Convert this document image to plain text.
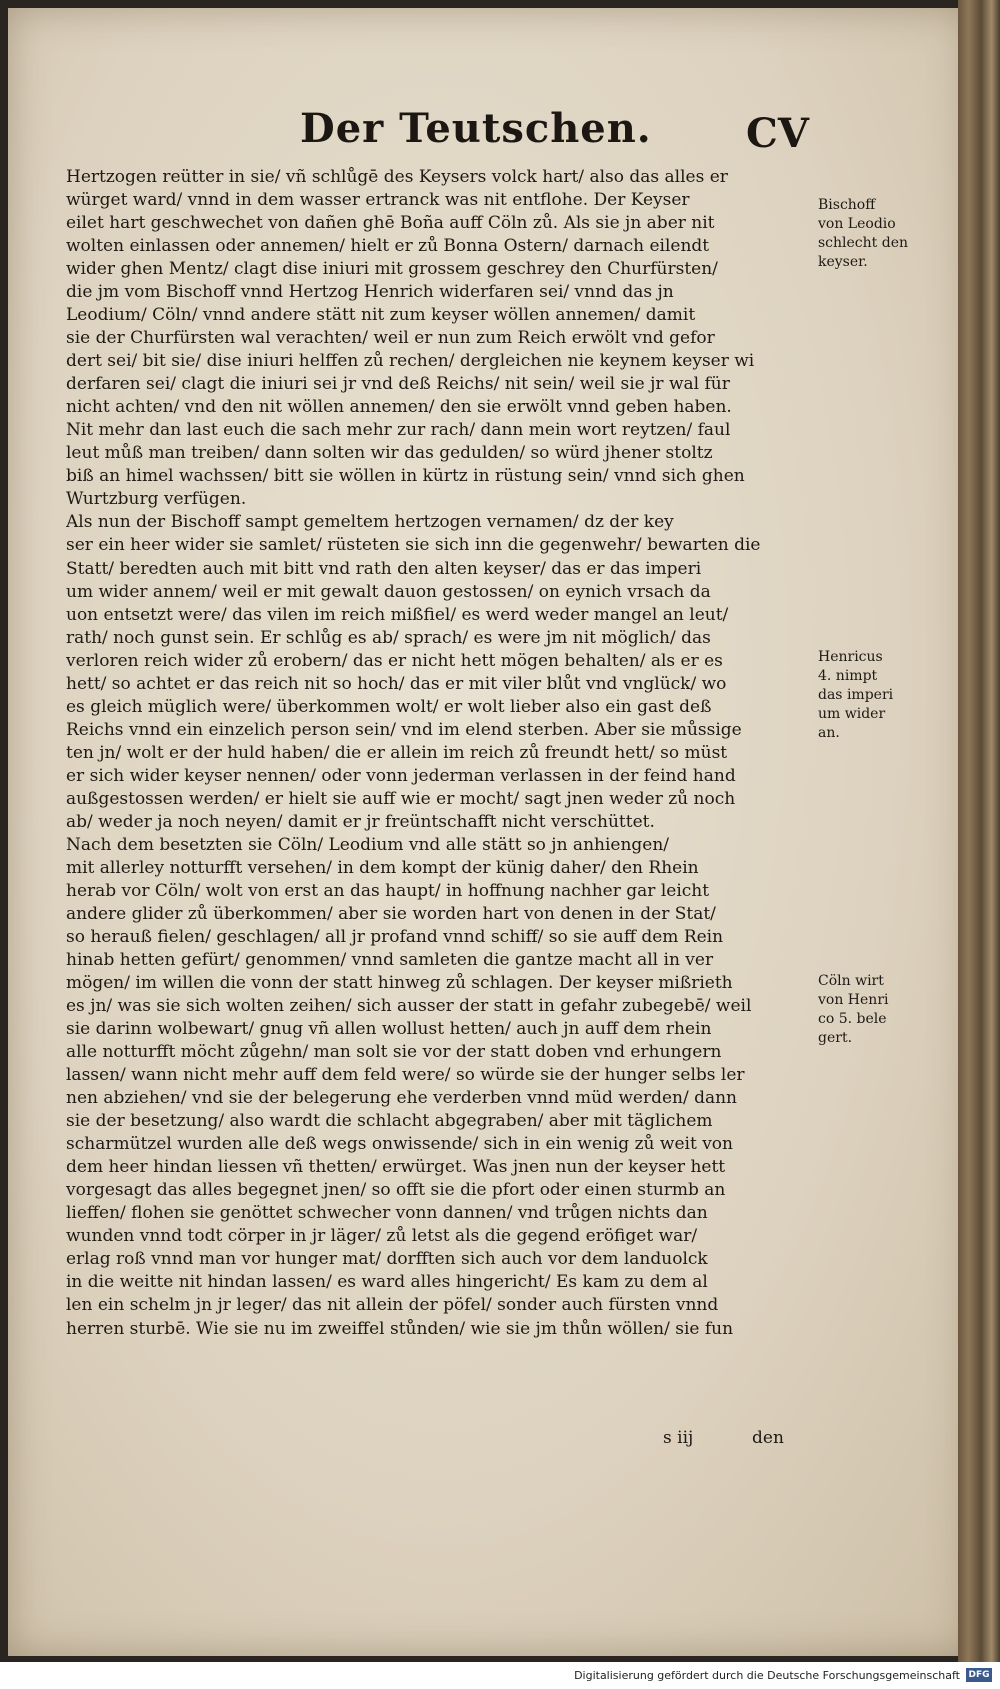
Der Teutschen. CV
Hertzogen reütter in sie/ vñ schlůgē des Keysers volck hart/ also das alles er
würget ward/ vnnd in dem wasser ertranck was nit entflohe. Der Keyser
eilet hart geschwechet von dañen ghē Boña auff Cöln zů. Als sie jn aber nit
wolten einlassen oder annemen/ hielt er zů Bonna Ostern/ darnach eilendt
wider ghen Mentz/ clagt dise iniuri mit grossem geschrey den Churfürsten/
die jm vom Bischoff vnnd Hertzog Henrich widerfaren sei/ vnnd das jn
Leodium/ Cöln/ vnnd andere stätt nit zum keyser wöllen annemen/ damit
sie der Churfürsten wal verachten/ weil er nun zum Reich erwölt vnd gefor
dert sei/ bit sie/ dise iniuri helffen zů rechen/ dergleichen nie keynem keyser wi
derfaren sei/ clagt die iniuri sei jr vnd deß Reichs/ nit sein/ weil sie jr wal für
nicht achten/ vnd den nit wöllen annemen/ den sie erwölt vnnd geben haben.
Nit mehr dan last euch die sach mehr zur rach/ dann mein wort reytzen/ faul
leut můß man treiben/ dann solten wir das gedulden/ so würd jhener stoltz
biß an himel wachssen/ bitt sie wöllen in kürtz in rüstung sein/ vnnd sich ghen
Wurtzburg verfügen.
Als nun der Bischoff sampt gemeltem hertzogen vernamen/ dz der key
ser ein heer wider sie samlet/ rüsteten sie sich inn die gegenwehr/ bewarten die
Statt/ beredten auch mit bitt vnd rath den alten keyser/ das er das imperi
um wider annem/ weil er mit gewalt dauon gestossen/ on eynich vrsach da
uon entsetzt were/ das vilen im reich mißfiel/ es werd weder mangel an leut/
rath/ noch gunst sein. Er schlůg es ab/ sprach/ es were jm nit möglich/ das
verloren reich wider zů erobern/ das er nicht hett mögen behalten/ als er es
hett/ so achtet er das reich nit so hoch/ das er mit viler blůt vnd vnglück/ wo
es gleich müglich were/ überkommen wolt/ er wolt lieber also ein gast deß
Reichs vnnd ein einzelich person sein/ vnd im elend sterben. Aber sie můssige
ten jn/ wolt er der huld haben/ die er allein im reich zů freundt hett/ so müst
er sich wider keyser nennen/ oder vonn jederman verlassen in der feind hand
außgestossen werden/ er hielt sie auff wie er mocht/ sagt jnen weder zů noch
ab/ weder ja noch neyen/ damit er jr freüntschafft nicht verschüttet.
Nach dem besetzten sie Cöln/ Leodium vnd alle stätt so jn anhiengen/
mit allerley notturfft versehen/ in dem kompt der künig daher/ den Rhein
herab vor Cöln/ wolt von erst an das haupt/ in hoffnung nachher gar leicht
andere glider zů überkommen/ aber sie worden hart von denen in der Stat/
so herauß fielen/ geschlagen/ all jr profand vnnd schiff/ so sie auff dem Rein
hinab hetten gefürt/ genommen/ vnnd samleten die gantze macht all in ver
mögen/ im willen die vonn der statt hinweg zů schlagen. Der keyser mißrieth
es jn/ was sie sich wolten zeihen/ sich ausser der statt in gefahr zubegebē/ weil
sie darinn wolbewart/ gnug vñ allen wollust hetten/ auch jn auff dem rhein
alle notturfft möcht zůgehn/ man solt sie vor der statt doben vnd erhungern
lassen/ wann nicht mehr auff dem feld were/ so würde sie der hunger selbs ler
nen abziehen/ vnd sie der belegerung ehe verderben vnnd müd werden/ dann
sie der besetzung/ also wardt die schlacht abgegraben/ aber mit täglichem
scharmützel wurden alle deß wegs onwissende/ sich in ein wenig zů weit von
dem heer hindan liessen vñ thetten/ erwürget. Was jnen nun der keyser hett
vorgesagt das alles begegnet jnen/ so offt sie die pfort oder einen sturmb an
lieffen/ flohen sie genöttet schwecher vonn dannen/ vnd trůgen nichts dan
wunden vnnd todt cörper in jr läger/ zů letst als die gegend eröfiget war/
erlag roß vnnd man vor hunger mat/ dorfften sich auch vor dem landuolck
in die weitte nit hindan lassen/ es ward alles hingericht/ Es kam zu dem al
len ein schelm jn jr leger/ das nit allein der pöfel/ sonder auch fürsten vnnd
herren sturbē. Wie sie nu im zweiffel stůnden/ wie sie jm thůn wöllen/ sie fun
Bischoff
von Leodio
schlecht den
keyser.
Henricus
4. nimpt
das imperi
um wider
an.
Cöln wirt
von Henri
co 5. bele
gert.
s iij	den
Digitalisierung gefördert durch die Deutsche Forschungsgemeinschaft DFG
